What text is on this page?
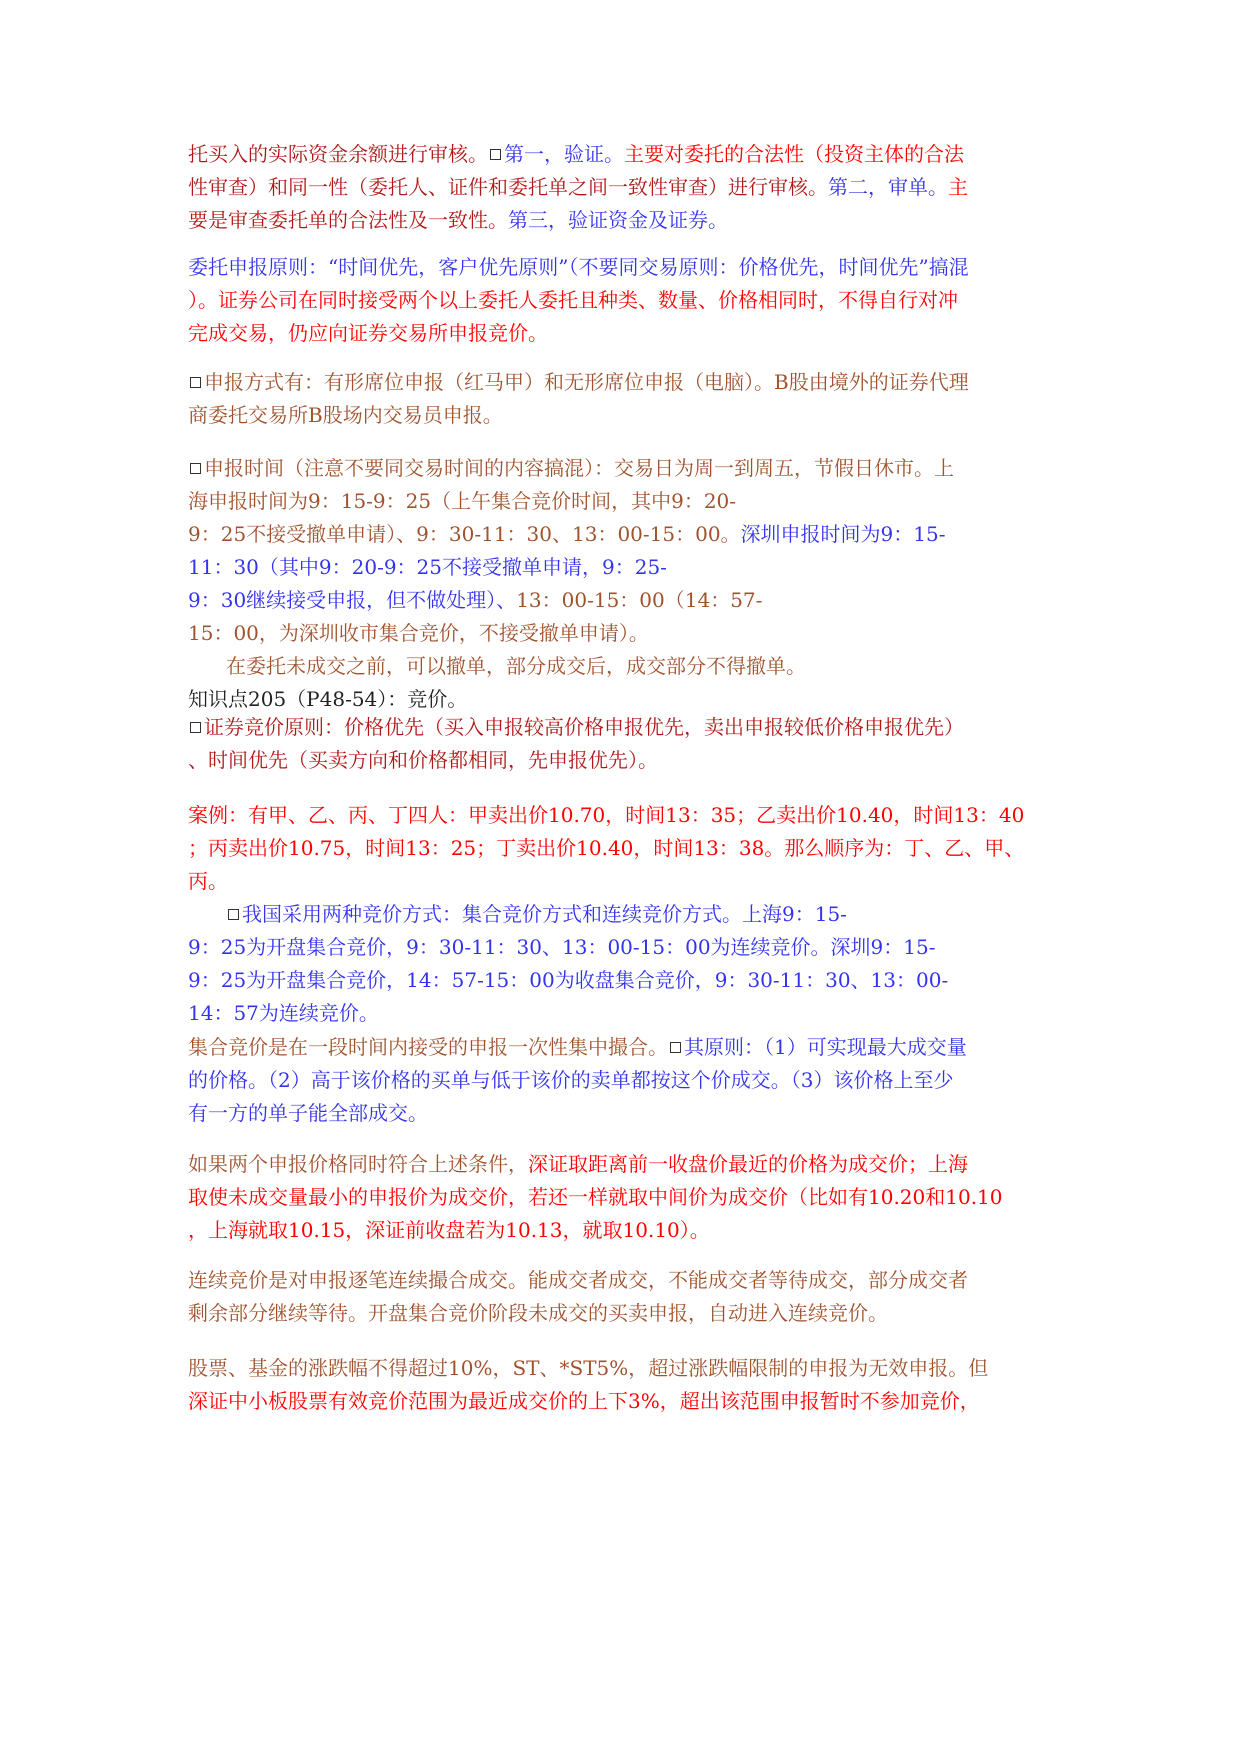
托买入的实际资金余额进行审核。 第一，验证。主要对委托的合法性（投资主体的合法
性审查）和同一性（委托人、证件和委托单之间一致性审查）进行审核。第二，审单。主
要是审查委托单的合法性及一致性。第三，验证资金及证券。
委托申报原则：“时间优先，客户优先原则”（不要同交易原则：价格优先，时间优先”搞混
）。证券公司在同时接受两个以上委托人委托且种类、数量、价格相同时，不得自行对冲
完成交易，仍应向证券交易所申报竞价。
申报方式有：有形席位申报（红马甲）和无形席位申报（电脑）。B股由境外的证券代理
商委托交易所B股场内交易员申报。
申报时间（注意不要同交易时间的内容搞混）：交易日为周一到周五，节假日休市。上
海申报时间为9：15-9：25（上午集合竞价时间，其中9：20-
9：25不接受撤单申请）、9：30-11：30、13：00-15：00。深圳申报时间为9：15-
11：30（其中9：20-9：25不接受撤单申请，9：25-
9：30继续接受申报，但不做处理）、13：00-15：00（14：57-
15：00，为深圳收市集合竞价，不接受撤单申请）。
在委托未成交之前，可以撤单，部分成交后，成交部分不得撤单。
知识点205（P48-54）：竞价。
证券竞价原则：价格优先（买入申报较高价格申报优先，卖出申报较低价格申报优先）
、时间优先（买卖方向和价格都相同，先申报优先）。
案例：有甲、乙、丙、丁四人：甲卖出价10.70，时间13：35；乙卖出价10.40，时间13：40
；丙卖出价10.75，时间13：25；丁卖出价10.40，时间13：38。那么顺序为：丁、乙、甲、
丙。
我国采用两种竞价方式：集合竞价方式和连续竞价方式。上海9：15-
9：25为开盘集合竞价，9：30-11：30、13：00-15：00为连续竞价。深圳9：15-
9：25为开盘集合竞价，14：57-15：00为收盘集合竞价，9：30-11：30、13：00-
14：57为连续竞价。
集合竞价是在一段时间内接受的申报一次性集中撮合。 其原则：（1）可实现最大成交量
的价格。（2）高于该价格的买单与低于该价的卖单都按这个价成交。（3）该价格上至少
有一方的单子能全部成交。
如果两个申报价格同时符合上述条件，深证取距离前一收盘价最近的价格为成交价；上海
取使未成交量最小的申报价为成交价，若还一样就取中间价为成交价（比如有10.20和10.10
，上海就取10.15，深证前收盘若为10.13，就取10.10）。
连续竞价是对申报逐笔连续撮合成交。能成交者成交，不能成交者等待成交，部分成交者
剩余部分继续等待。开盘集合竞价阶段未成交的买卖申报，自动进入连续竞价。
股票、基金的涨跌幅不得超过10%，ST、*ST5%，超过涨跌幅限制的申报为无效申报。但
深证中小板股票有效竞价范围为最近成交价的上下3%，超出该范围申报暂时不参加竞价，
